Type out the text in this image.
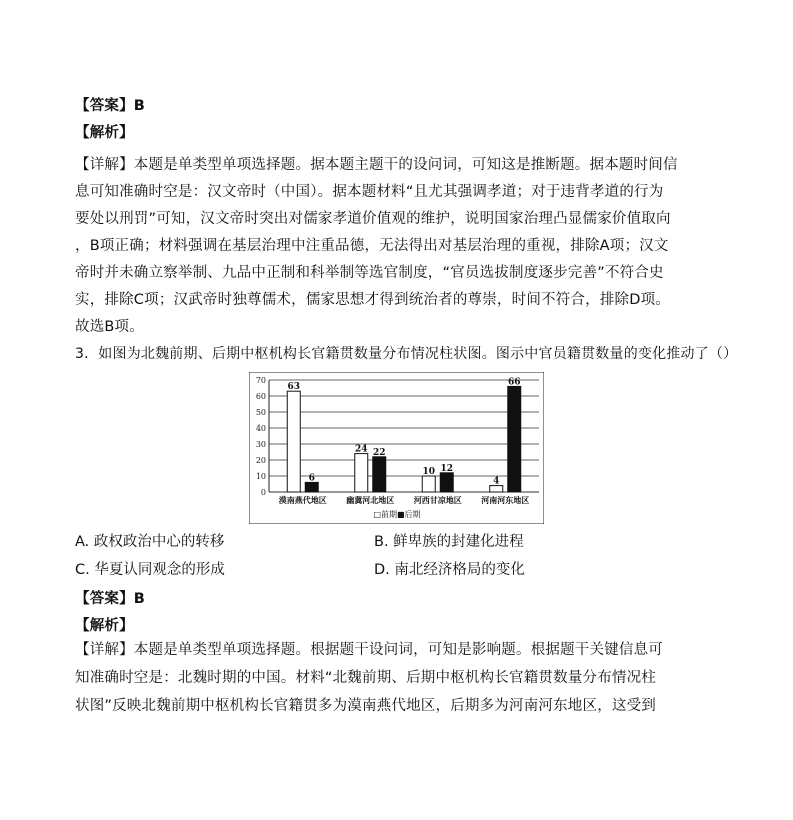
【答案】B
【解析】
【详解】本题是单类型单项选择题。据本题主题干的设问词，可知这是推断题。据本题时间信
息可知准确时空是：汉文帝时（中国）。据本题材料“且尤其强调孝道；对于违背孝道的行为
要处以刑罚”可知，汉文帝时突出对儒家孝道价值观的维护，说明国家治理凸显儒家价值取向
，B项正确；材料强调在基层治理中注重品德，无法得出对基层治理的重视，排除A项；汉文
帝时并未确立察举制、九品中正制和科举制等选官制度，“官员选拔制度逐步完善”不符合史
实，排除C项；汉武帝时独尊儒术，儒家思想才得到统治者的尊崇，时间不符合，排除D项。
故选B项。
3．如图为北魏前期、后期中枢机构长官籍贯数量分布情况柱状图。图示中官员籍贯数量的变化推动了（）
0
10
20
30
40
50
60
70
63
6
24 22
10 12
4
66
漠南燕代地区 幽冀河北地区 河西甘凉地区 河南河东地区
□前期■后期
A. 政权政治中心的转移	B. 鲜卑族的封建化进程
C. 华夏认同观念的形成	D. 南北经济格局的变化
【答案】B
【解析】
【详解】本题是单类型单项选择题。根据题干设问词，可知是影响题。根据题干关键信息可
知准确时空是：北魏时期的中国。材料“北魏前期、后期中枢机构长官籍贯数量分布情况柱
状图”反映北魏前期中枢机构长官籍贯多为漠南燕代地区，后期多为河南河东地区，这受到
